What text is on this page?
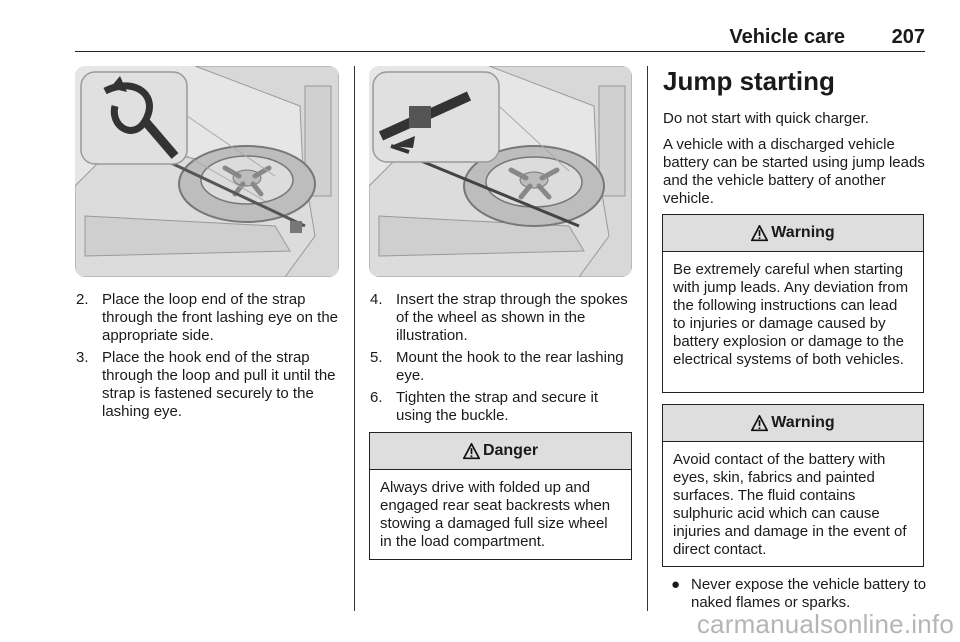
Vehicle care 207
2. Place the loop end of the strap through the front lashing eye on the appropriate side.
3. Place the hook end of the strap through the loop and pull it until the strap is fastened securely to the lashing eye.
4. Insert the strap through the spokes of the wheel as shown in the illustration.
5. Mount the hook to the rear lashing eye.
6. Tighten the strap and secure it using the buckle.
Danger
Always drive with folded up and engaged rear seat backrests when stowing a damaged full size wheel in the load compartment.
Jump starting
Do not start with quick charger.
A vehicle with a discharged vehicle battery can be started using jump leads and the vehicle battery of another vehicle.
Warning
Be extremely careful when starting with jump leads. Any deviation from the following instructions can lead to injuries or damage caused by battery explosion or damage to the electrical systems of both vehicles.
Warning
Avoid contact of the battery with eyes, skin, fabrics and painted surfaces. The fluid contains sulphuric acid which can cause injuries and damage in the event of direct contact.
● Never expose the vehicle battery to naked flames or sparks.
carmanualsonline.info
